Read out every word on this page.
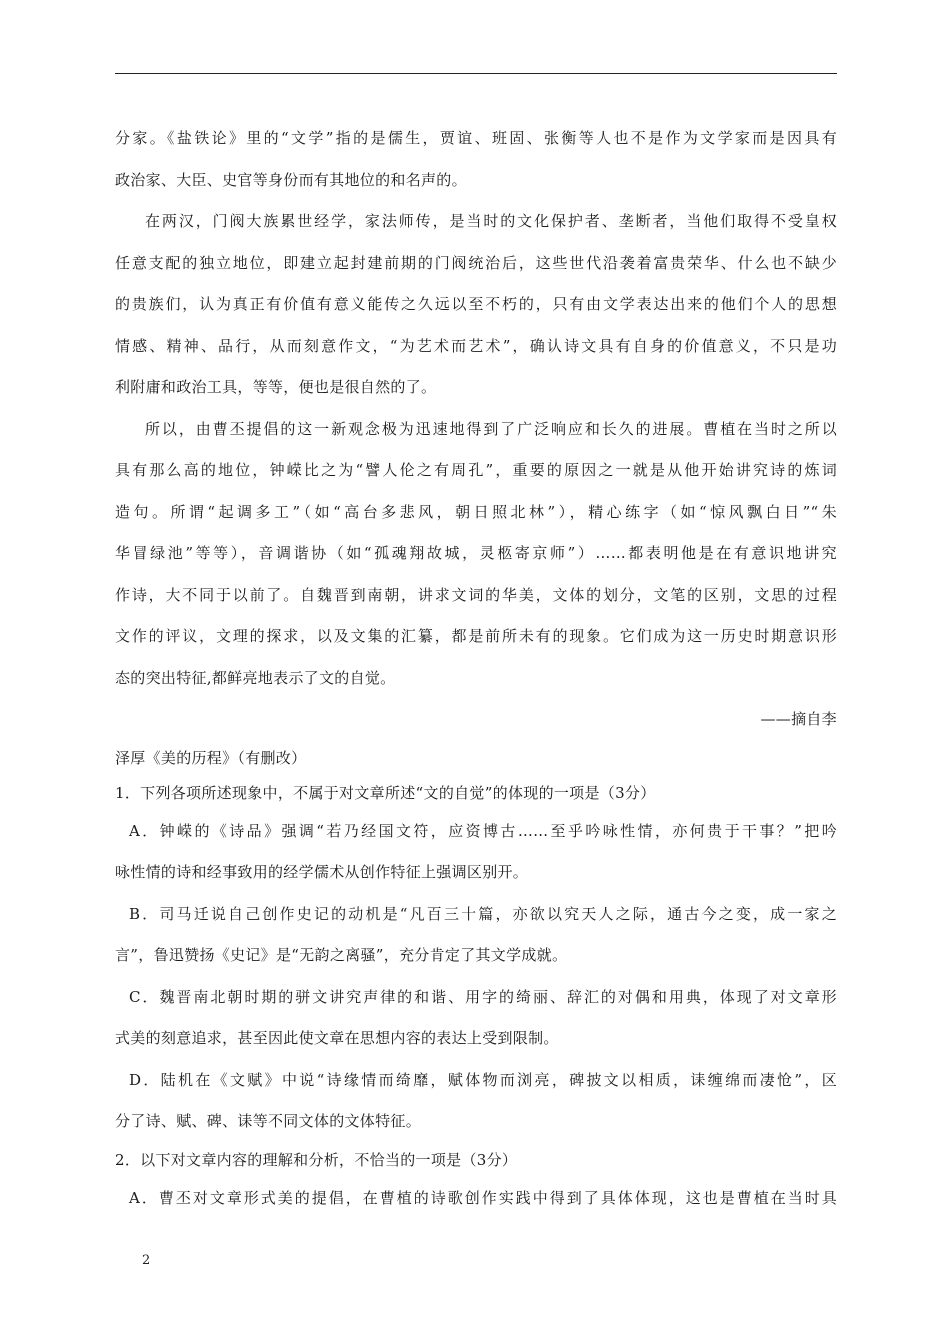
分家。《盐铁论》里的“文学”指的是儒生，贾谊、班固、张衡等人也不是作为文学家而是因具有
政治家、大臣、史官等身份而有其地位的和名声的。
在两汉，门阀大族累世经学，家法师传，是当时的文化保护者、垄断者，当他们取得不受皇权
任意支配的独立地位，即建立起封建前期的门阀统治后，这些世代沿袭着富贵荣华、什么也不缺少
的贵族们，认为真正有价值有意义能传之久远以至不朽的，只有由文学表达出来的他们个人的思想
情感、精神、品行，从而刻意作文，“为艺术而艺术”，确认诗文具有自身的价值意义，不只是功
利附庸和政治工具，等等，便也是很自然的了。
所以，由曹丕提倡的这一新观念极为迅速地得到了广泛响应和长久的进展。曹植在当时之所以
具有那么高的地位，钟嵘比之为“譬人伦之有周孔”，重要的原因之一就是从他开始讲究诗的炼词
造句。所谓“起调多工”（如“高台多悲风，朝日照北林”），精心练字（如“惊风飘白日”“朱
华冒绿池”等等），音调谐协（如“孤魂翔故城，灵柩寄京师”）……都表明他是在有意识地讲究
作诗，大不同于以前了。自魏晋到南朝，讲求文词的华美，文体的划分，文笔的区别，文思的过程
文作的评议，文理的探求，以及文集的汇纂，都是前所未有的现象。它们成为这一历史时期意识形
态的突出特征,都鲜亮地表示了文的自觉。
——摘自李
泽厚《美的历程》（有删改）
1．下列各项所述现象中，不属于对文章所述“文的自觉”的体现的一项是（3分）
A．钟嵘的《诗品》强调“若乃经国文符，应资博古……至乎吟咏性情，亦何贵于干事？”把吟
咏性情的诗和经事致用的经学儒术从创作特征上强调区别开。
B．司马迁说自己创作史记的动机是“凡百三十篇，亦欲以究天人之际，通古今之变，成一家之
言”，鲁迅赞扬《史记》是“无韵之离骚”，充分肯定了其文学成就。
C．魏晋南北朝时期的骈文讲究声律的和谐、用字的绮丽、辞汇的对偶和用典，体现了对文章形
式美的刻意追求，甚至因此使文章在思想内容的表达上受到限制。
D．陆机在《文赋》中说“诗缘情而绮靡，赋体物而浏亮，碑披文以相质，诔缠绵而凄怆”，区
分了诗、赋、碑、诔等不同文体的文体特征。
2．以下对文章内容的理解和分析，不恰当的一项是（3分）
A．曹丕对文章形式美的提倡，在曹植的诗歌创作实践中得到了具体体现，这也是曹植在当时具
2
